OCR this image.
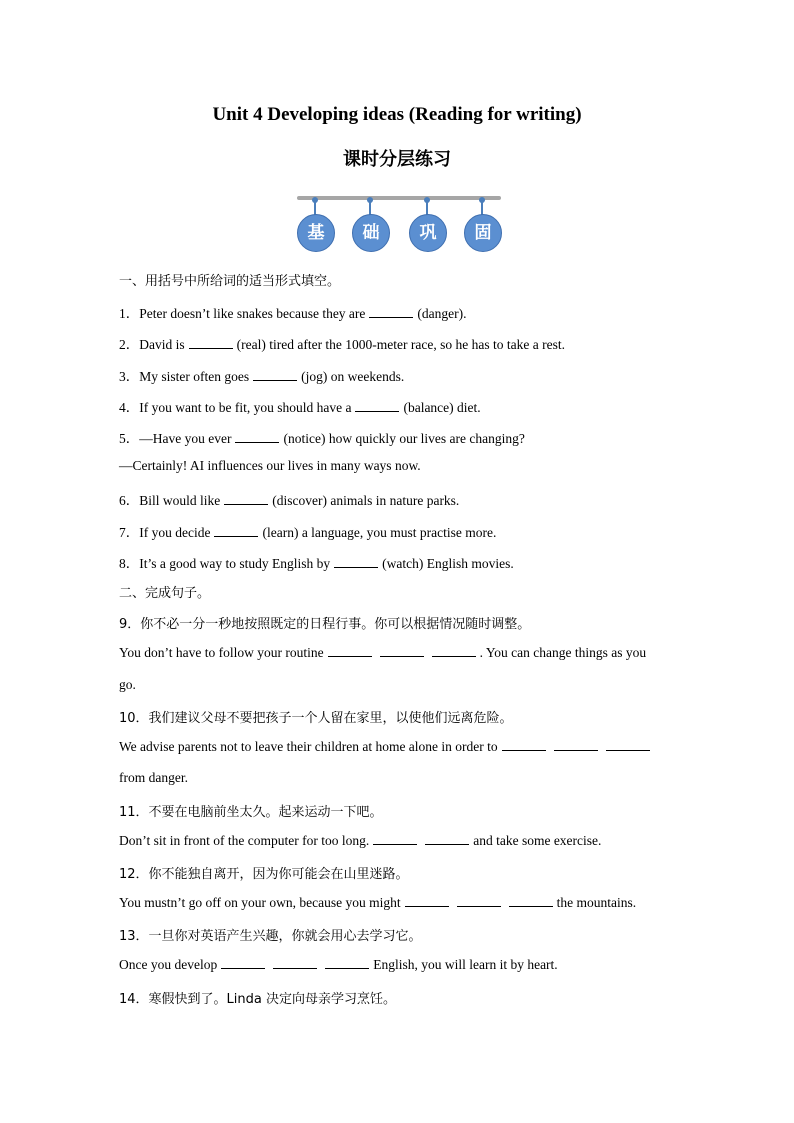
Unit 4 Developing ideas (Reading for writing)
课时分层练习
基	础	巩	固
一、用括号中所给词的适当形式填空。
1．Peter doesn’t like snakes because they are	(danger).
2．David is	(real) tired after the 1000-meter race, so he has to take a rest.
3．My sister often goes	(jog) on weekends.
4．If you want to be fit, you should have a	(balance) diet.
5．—Have you ever	(notice) how quickly our lives are changing?
—Certainly! AI influences our lives in many ways now.
6．Bill would like	(discover) animals in nature parks.
7．If you decide	(learn) a language, you must practise more.
8．It’s a good way to study English by	(watch) English movies.
二、完成句子。
9．你不必一分一秒地按照既定的日程行事。你可以根据情况随时调整。
You don’t have to follow your routine	. You can change things as you
go.
10．我们建议父母不要把孩子一个人留在家里，以使他们远离危险。
We advise parents not to leave their children at home alone in order to
from danger.
11．不要在电脑前坐太久。起来运动一下吧。
Don’t sit in front of the computer for too long.	and take some exercise.
12．你不能独自离开，因为你可能会在山里迷路。
You mustn’t go off on your own, because you might	the mountains.
13．一旦你对英语产生兴趣，你就会用心去学习它。
Once you develop	English, you will learn it by heart.
14．寒假快到了。Linda 决定向母亲学习烹饪。
